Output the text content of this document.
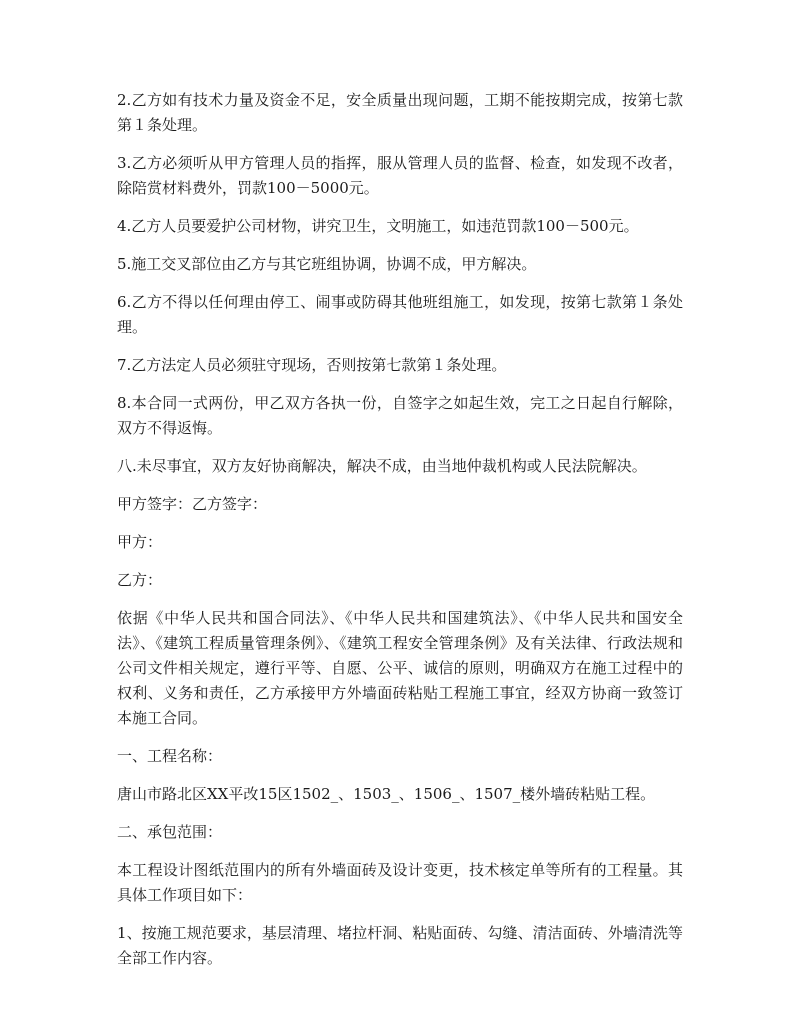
2.乙方如有技术力量及资金不足，安全质量出现问题，工期不能按期完成，按第七款第１条处理。

3.乙方必须听从甲方管理人员的指挥，服从管理人员的监督、检查，如发现不改者，除陪赏材料费外，罚款100－5000元。

4.乙方人员要爱护公司材物，讲究卫生，文明施工，如违范罚款100－500元。

5.施工交叉部位由乙方与其它班组协调，协调不成，甲方解决。

6.乙方不得以任何理由停工、闹事或防碍其他班组施工，如发现，按第七款第１条处理。

7.乙方法定人员必须驻守现场，否则按第七款第１条处理。

8.本合同一式两份，甲乙双方各执一份，自签字之如起生效，完工之日起自行解除，双方不得返悔。

八.未尽事宜，双方友好协商解决，解决不成，由当地仲裁机构或人民法院解决。

甲方签字：乙方签字：

甲方：

乙方：

依据《中华人民共和国合同法》、《中华人民共和国建筑法》、《中华人民共和国安全法》、《建筑工程质量管理条例》、《建筑工程安全管理条例》及有关法律、行政法规和公司文件相关规定，遵行平等、自愿、公平、诚信的原则，明确双方在施工过程中的权利、义务和责任，乙方承接甲方外墙面砖粘贴工程施工事宜，经双方协商一致签订本施工合同。

一、工程名称：

唐山市路北区XX平改15区1502_、1503_、1506_、1507_楼外墙砖粘贴工程。

二、承包范围：

本工程设计图纸范围内的所有外墙面砖及设计变更，技术核定单等所有的工程量。其具体工作项目如下：

1、按施工规范要求，基层清理、堵拉杆洞、粘贴面砖、勾缝、清洁面砖、外墙清洗等全部工作内容。
